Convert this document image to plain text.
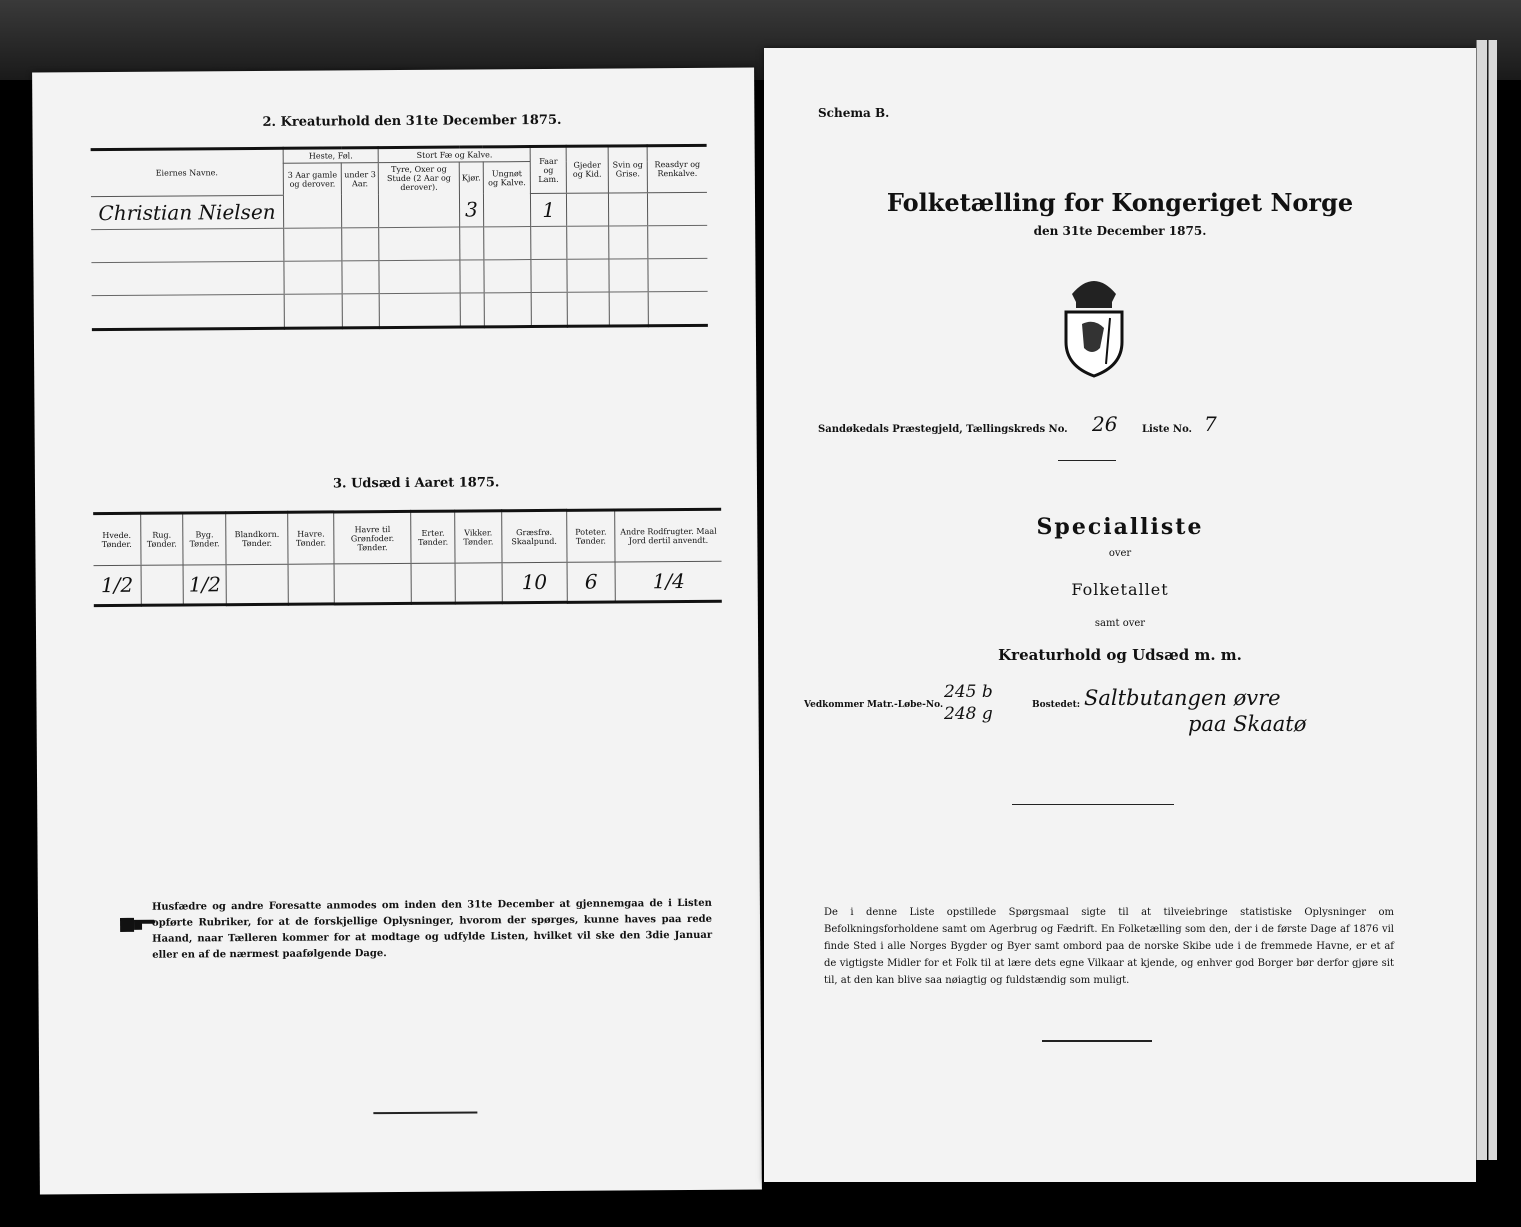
2. Kreaturhold den 31te December 1875.
Eiernes Navne.	Heste, Føl.		Stort Fæ og Kalve.			Faar og Lam.	Gjeder og Kid.	Svin og Grise.	Reasdyr og Renkalve.
	3 Aar gamle og derover.	under 3 Aar.	Tyre, Oxer og Stude (2 Aar og derover).	Kjør.	Ungnøt og Kalve.				
Christian Nielsen				3		1			

3. Udsæd i Aaret 1875.
Hvede. Tønder.	Rug. Tønder.	Byg. Tønder.	Blandkorn. Tønder.	Havre. Tønder.	Havre til Grønfoder. Tønder.	Erter. Tønder.	Vikker. Tønder.	Græsfrø. Skaalpund.	Poteter. Tønder.	Andre Rodfrugter. Maal Jord dertil anvendt.
1/2		1/2						10	6	1/4
Husfædre og andre Foresatte anmodes om inden den 31te December at gjennemgaa de i Listen opførte Rubriker, for at de forskjellige Oplysninger, hvorom der spørges, kunne haves paa rede Haand, naar Tælleren kommer for at modtage og udfylde Listen, hvilket vil ske den 3die Januar eller en af de nærmest paafølgende Dage.
Schema B.
Folketælling for Kongeriget Norge
den 31te December 1875.
Sandøkedals Præstegjeld, Tællingskreds No. 26 Liste No. 7
Specialliste
over
Folketallet
samt over
Kreaturhold og Udsæd m. m.
Vedkommer Matr.-Løbe-No.
245 b
248 g	Bostedet: Saltbutangen øvre
paa Skaatø
De i denne Liste opstillede Spørgsmaal sigte til at tilveiebringe statistiske Oplysninger om Befolkningsforholdene samt om Agerbrug og Fædrift. En Folketælling som den, der i de første Dage af 1876 vil finde Sted i alle Norges Bygder og Byer samt ombord paa de norske Skibe ude i de fremmede Havne, er et af de vigtigste Midler for et Folk til at lære dets egne Vilkaar at kjende, og enhver god Borger bør derfor gjøre sit til, at den kan blive saa nøiagtig og fuldstændig som muligt.
